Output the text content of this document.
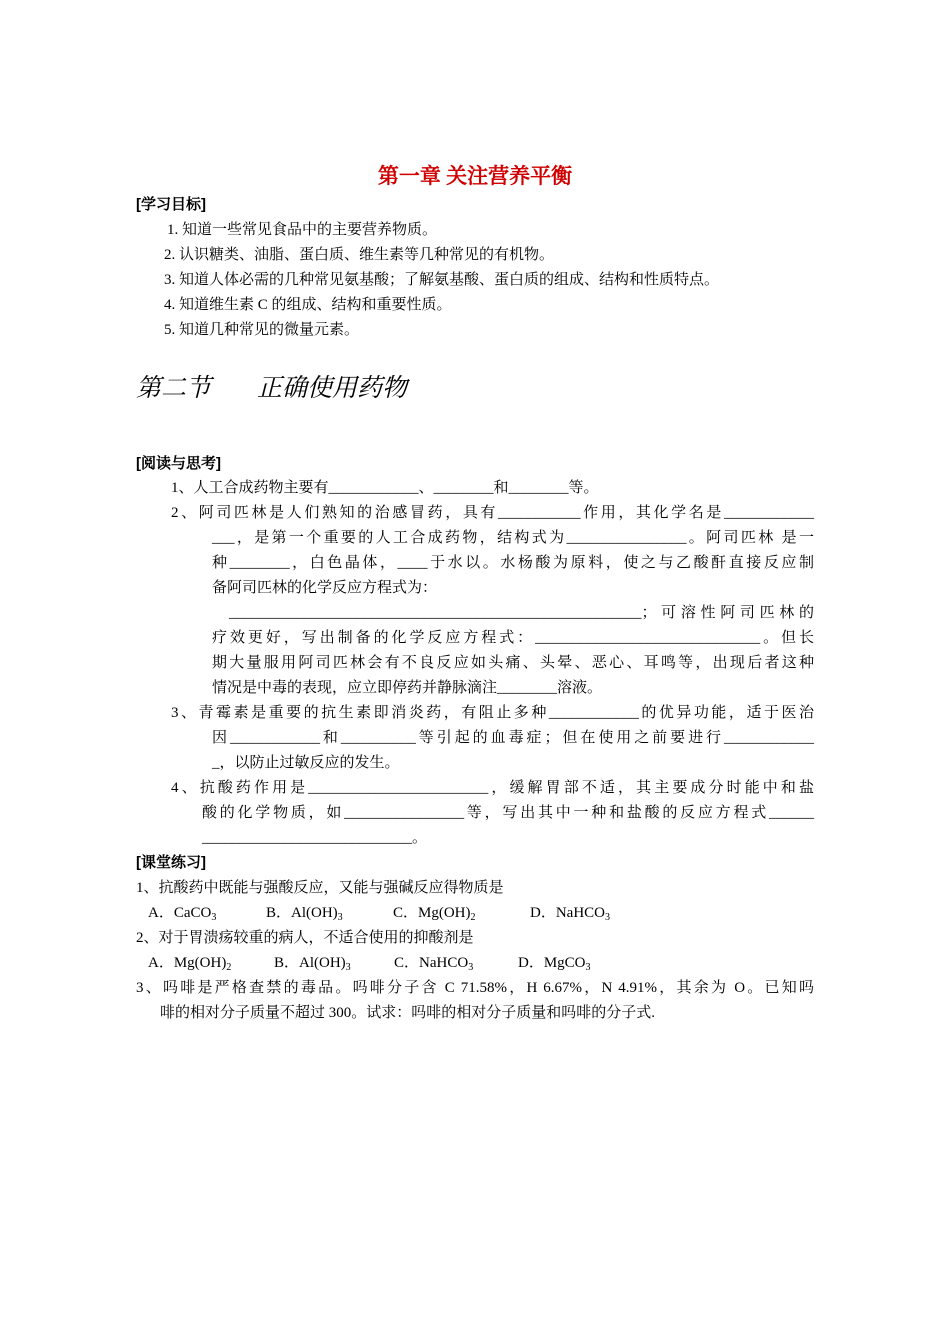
第一章 关注营养平衡
[学习目标]
1. 知道一些常见食品中的主要营养物质。
2. 认识糖类、油脂、蛋白质、维生素等几种常见的有机物。
3. 知道人体必需的几种常见氨基酸；了解氨基酸、蛋白质的组成、结构和性质特点。
4. 知道维生素 C 的组成、结构和重要性质。
5. 知道几种常见的微量元素。
第二节 正确使用药物
[阅读与思考]
1、人工合成药物主要有____________、________和________等。
2、阿司匹林是人们熟知的治感冒药，具有___________作用，其化学名是____________
___，是第一个重要的人工合成药物，结构式为________________。阿司匹林 是一
种________，白色晶体，____于水以。水杨酸为原料，使之与乙酸酐直接反应制
备阿司匹林的化学反应方程式为：
_______________________________________________________；可溶性阿司匹林的
疗效更好，写出制备的化学反应方程式：______________________________。但长
期大量服用阿司匹林会有不良反应如头痛、头晕、恶心、耳鸣等，出现后者这种
情况是中毒的表现，应立即停药并静脉滴注________溶液。
3、青霉素是重要的抗生素即消炎药，有阻止多种____________的优异功能，适于医治
因____________和__________等引起的血毒症；但在使用之前要进行____________
_，以防止过敏反应的发生。
4、抗酸药作用是________________________，缓解胃部不适，其主要成分时能中和盐
酸的化学物质，如________________等，写出其中一种和盐酸的反应方程式______
____________________________。
[课堂练习]
1、抗酸药中既能与强酸反应，又能与强碱反应得物质是
A．CaCO$_3$	B．$Al(OH)_3$	C．$Mg(OH)_2$	D．NaHCO$_3$
2、对于胃溃疡较重的病人，不适合使用的抑酸剂是
A．$Mg(OH)_2$	B．$Al(OH)_3$	C．NaHCO$_3$	D．MgCO$_3$
3、吗啡是严格查禁的毒品。吗啡分子含 C 71.58%，H 6.67%，N 4.91%，其余为 O。已知吗
啡的相对分子质量不超过 300。试求：吗啡的相对分子质量和吗啡的分子式.
